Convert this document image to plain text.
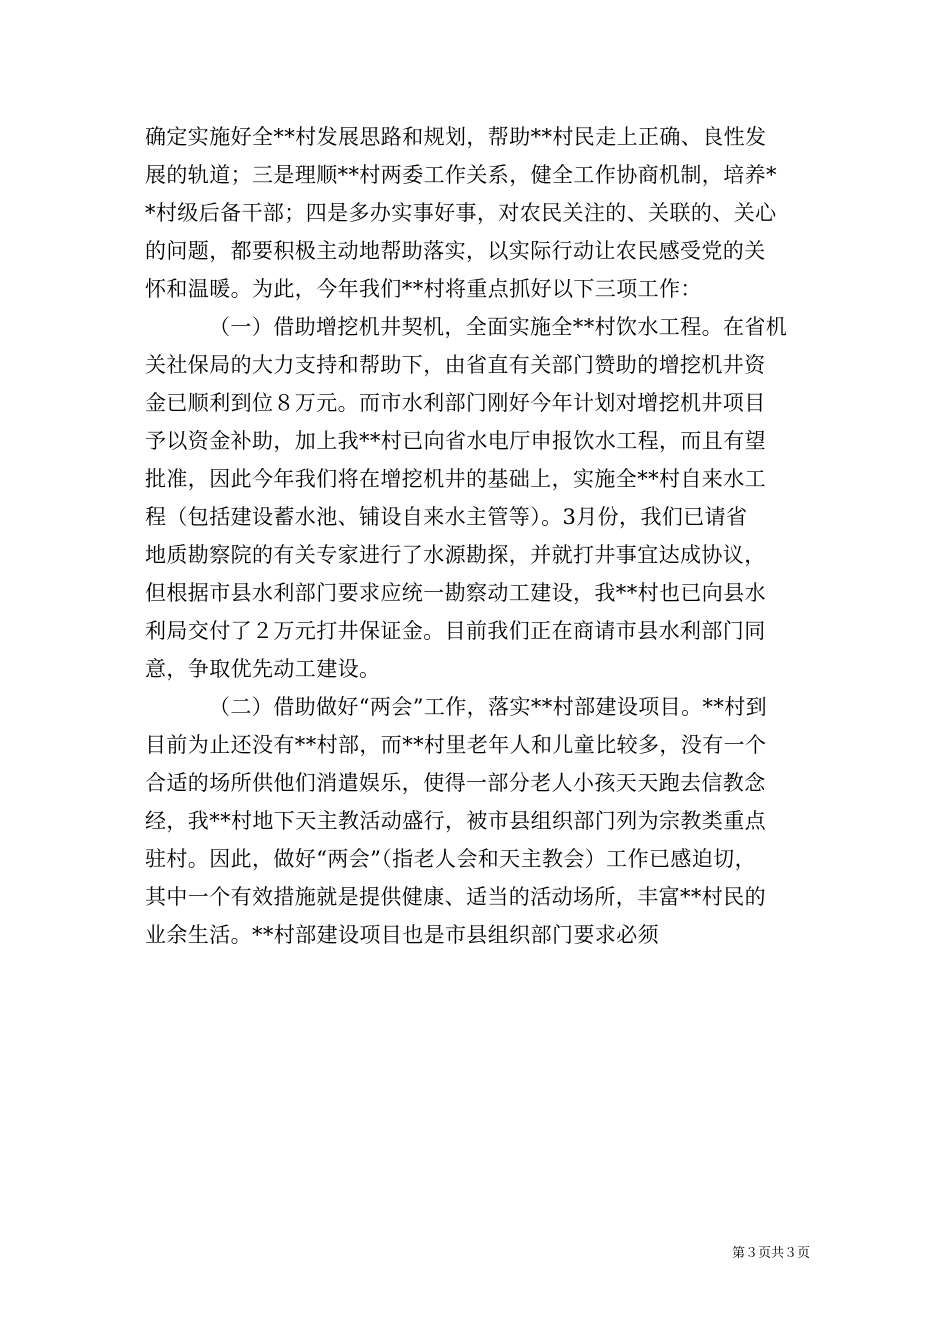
确定实施好全**村发展思路和规划，帮助**村民走上正确、良性发
展的轨道；三是理顺**村两委工作关系，健全工作协商机制，培养*
*村级后备干部；四是多办实事好事，对农民关注的、关联的、关心
的问题，都要积极主动地帮助落实，以实际行动让农民感受党的关
怀和温暖。为此，今年我们**村将重点抓好以下三项工作：
（一）借助增挖机井契机，全面实施全**村饮水工程。在省机
关社保局的大力支持和帮助下，由省直有关部门赞助的增挖机井资
金已顺利到位８万元。而市水利部门刚好今年计划对增挖机井项目
予以资金补助，加上我**村已向省水电厅申报饮水工程，而且有望
批准，因此今年我们将在增挖机井的基础上，实施全**村自来水工
程（包括建设蓄水池、铺设自来水主管等）。3月份，我们已请省
地质勘察院的有关专家进行了水源勘探，并就打井事宜达成协议，
但根据市县水利部门要求应统一勘察动工建设，我**村也已向县水
利局交付了２万元打井保证金。目前我们正在商请市县水利部门同
意，争取优先动工建设。
（二）借助做好“两会”工作，落实**村部建设项目。**村到
目前为止还没有**村部，而**村里老年人和儿童比较多，没有一个
合适的场所供他们消遣娱乐，使得一部分老人小孩天天跑去信教念
经，我**村地下天主教活动盛行，被市县组织部门列为宗教类重点
驻村。因此，做好“两会”（指老人会和天主教会）工作已感迫切，
其中一个有效措施就是提供健康、适当的活动场所，丰富**村民的
业余生活。**村部建设项目也是市县组织部门要求必须
第３页共３页
